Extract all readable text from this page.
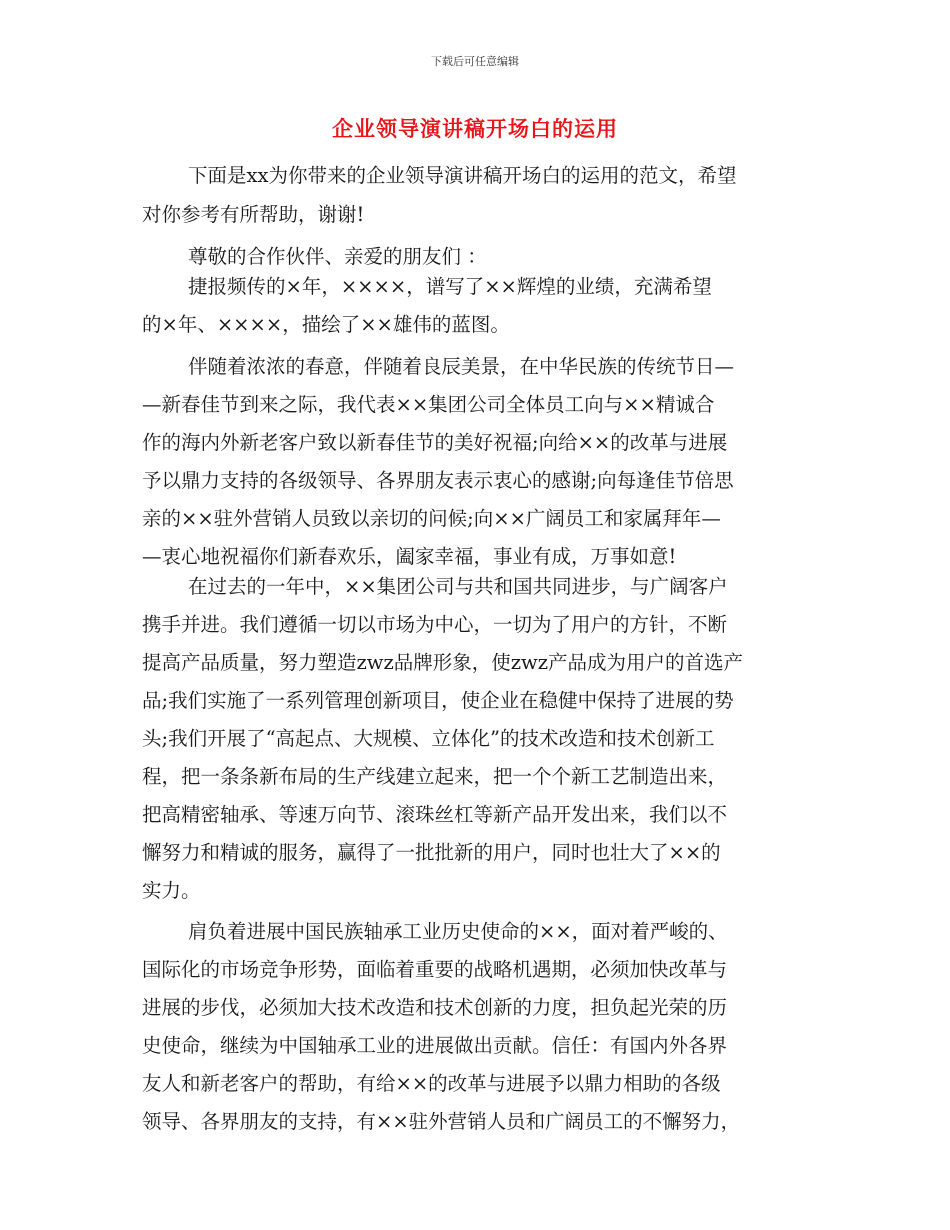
下载后可任意编辑
企业领导演讲稿开场白的运用
下面是xx为你带来的企业领导演讲稿开场白的运用的范文，希望
对你参考有所帮助，谢谢!
尊敬的合作伙伴、亲爱的朋友们 ：
捷报频传的×年，××××，谱写了××辉煌的业绩，充满希望
的×年、××××，描绘了××雄伟的蓝图。
伴随着浓浓的春意，伴随着良辰美景，在中华民族的传统节日—
—新春佳节到来之际，我代表××集团公司全体员工向与××精诚合
作的海内外新老客户致以新春佳节的美好祝福;向给××的改革与进展
予以鼎力支持的各级领导、各界朋友表示衷心的感谢;向每逢佳节倍思
亲的××驻外营销人员致以亲切的问候;向××广阔员工和家属拜年—
—衷心地祝福你们新春欢乐，阖家幸福，事业有成，万事如意!
在过去的一年中，××集团公司与共和国共同进步，与广阔客户
携手并进。我们遵循一切以市场为中心，一切为了用户的方针，不断
提高产品质量，努力塑造zwz品牌形象，使zwz产品成为用户的首选产
品;我们实施了一系列管理创新项目，使企业在稳健中保持了进展的势
头;我们开展了“高起点、大规模、立体化”的技术改造和技术创新工
程，把一条条新布局的生产线建立起来，把一个个新工艺制造出来，
把高精密轴承、等速万向节、滚珠丝杠等新产品开发出来，我们以不
懈努力和精诚的服务，赢得了一批批新的用户，同时也壮大了××的
实力。
肩负着进展中国民族轴承工业历史使命的××，面对着严峻的、
国际化的市场竞争形势，面临着重要的战略机遇期，必须加快改革与
进展的步伐，必须加大技术改造和技术创新的力度，担负起光荣的历
史使命，继续为中国轴承工业的进展做出贡献。信任：有国内外各界
友人和新老客户的帮助，有给××的改革与进展予以鼎力相助的各级
领导、各界朋友的支持，有××驻外营销人员和广阔员工的不懈努力，
